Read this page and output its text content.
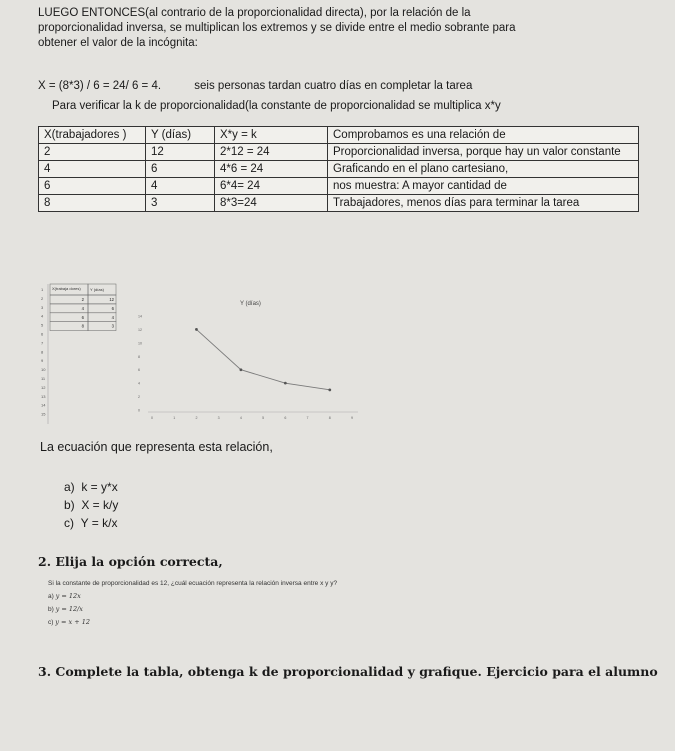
LUEGO ENTONCES(al contrario de la proporcionalidad directa), por la relación de la

proporcionalidad inversa, se multiplican los extremos y se divide entre el medio sobrante para

obtener el valor de la incógnita:

X = (8*3) / 6 = 24/ 6 = 4.	seis personas tardan cuatro días en completar la tarea
Para verificar la k de proporcionalidad(la constante de proporcionalidad se multiplica x*y
X(trabajadores )	Y (días)	X*y = k	Comprobamos es una relación de
2	12	2*12 = 24	Proporcionalidad inversa, porque hay un valor constante
4	6	4*6 = 24	Graficando en el plano cartesiano,
6	4	6*4= 24	nos muestra: A mayor cantidad de
8	3	8*3=24	Trabajadores, menos días para terminar la tarea
X(trabaja dores) Y (días)
1
2
3
4
5
6
7
8
9
10
11
12
13
14
15
2	12
4	6
6	4
8	3
Y (días)
0
2
4
6
8
10
12
14
0	1	2	3	4	5	6	7	8	9
La ecuación que representa esta relación,
a) k = y*x
b) X = k/y
c) Y = k/x
2. Elija la opción correcta,
Si la constante de proporcionalidad es 12, ¿cuál ecuación representa la relación inversa entre x y y?
a) y = 12x
b) y = 12/x
c) y = x + 12
3. Complete la tabla, obtenga k de proporcionalidad y grafique. Ejercicio para el alumno
